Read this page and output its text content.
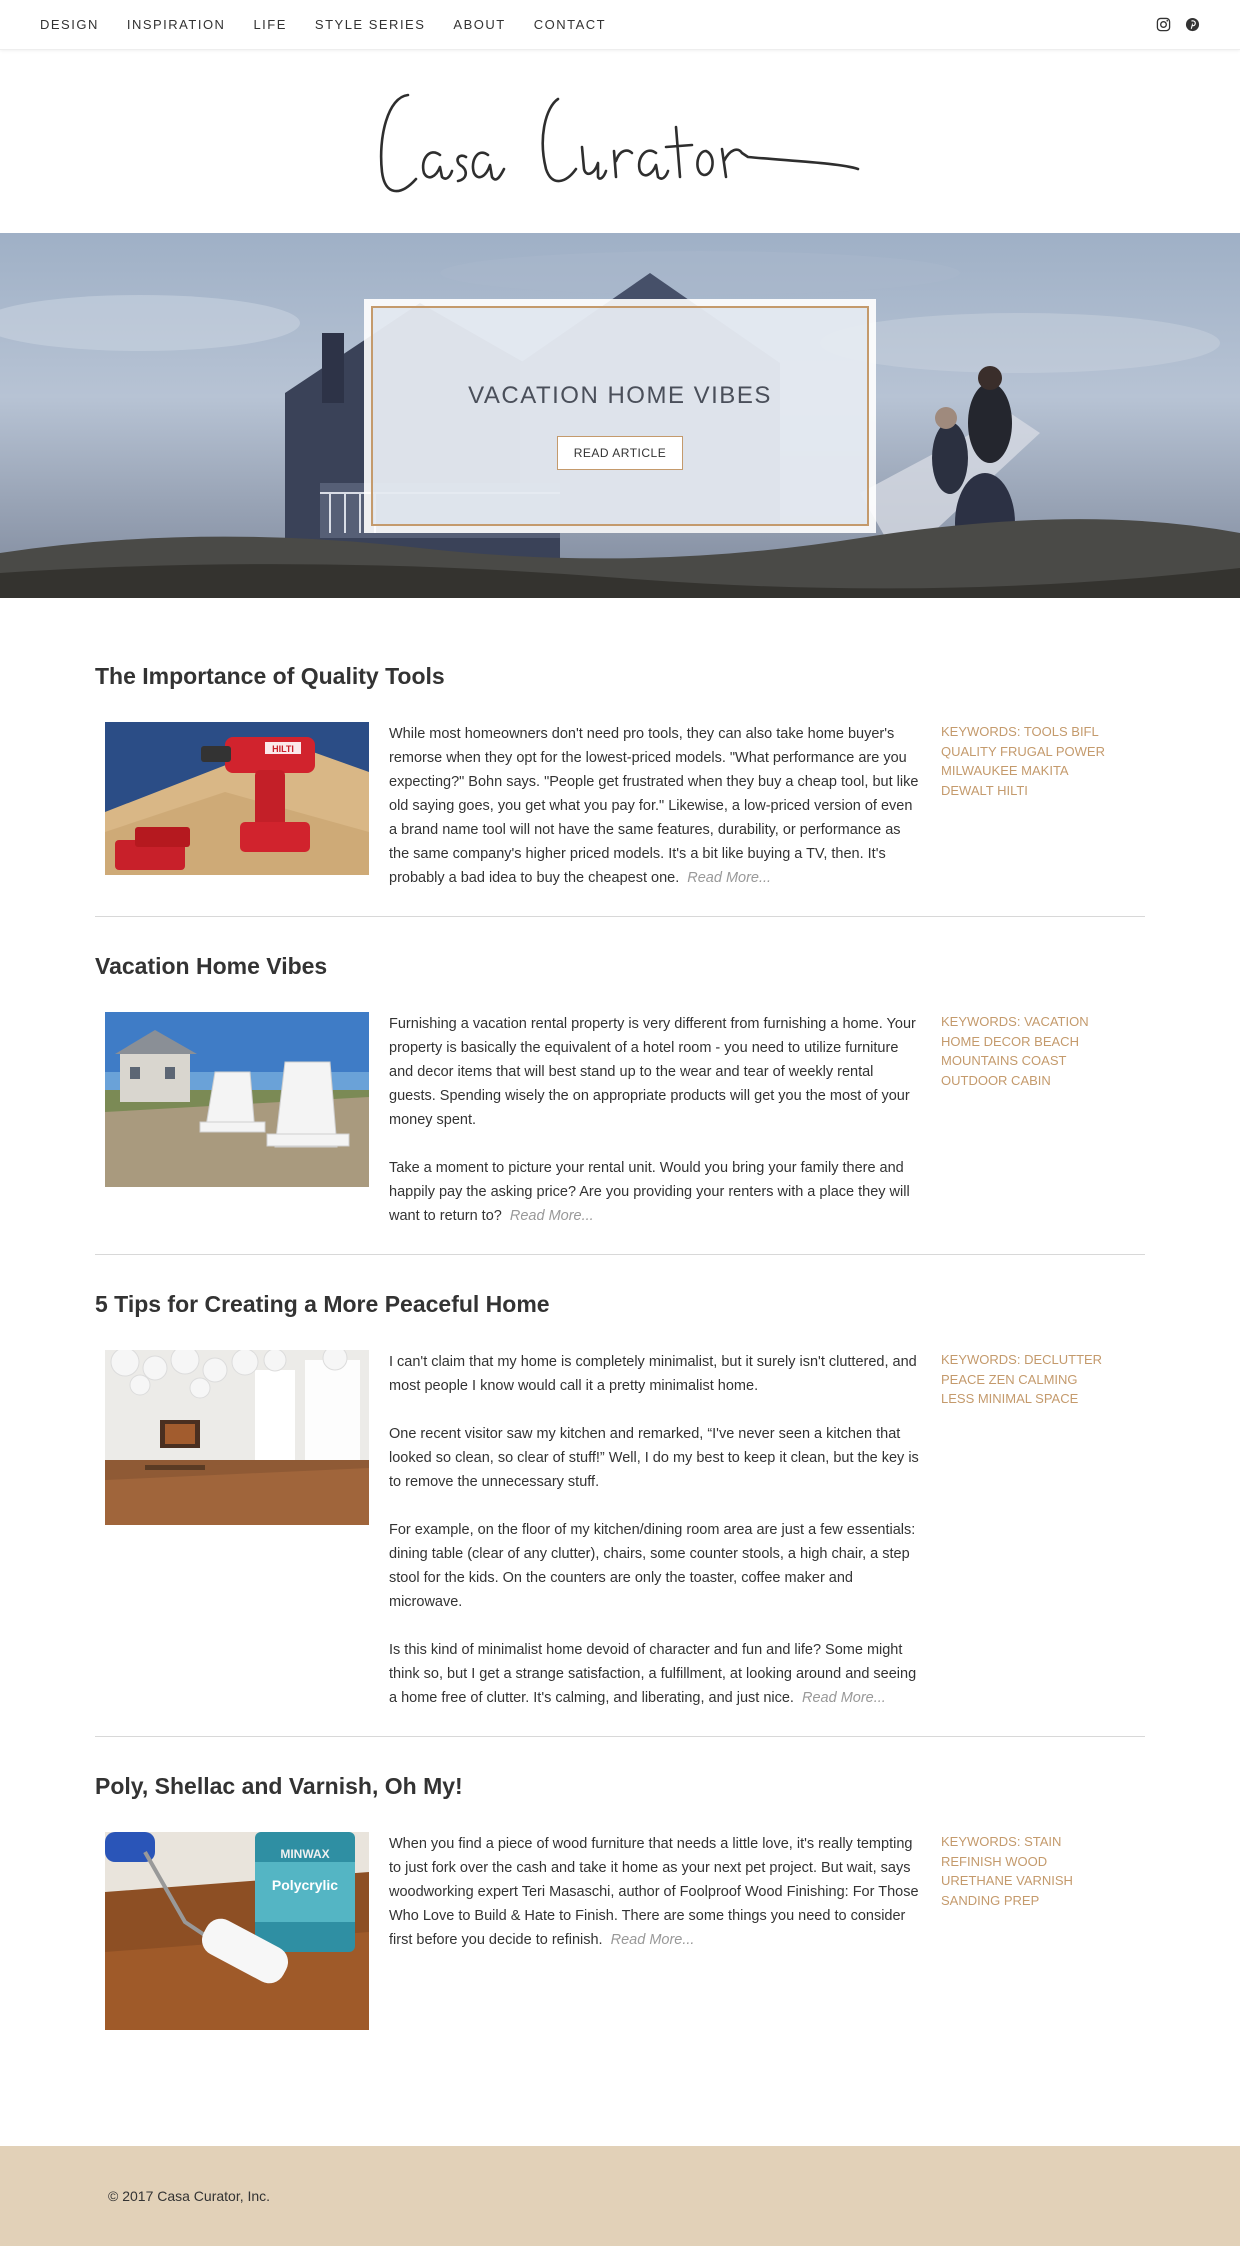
DESIGN INSPIRATION LIFE STYLE SERIES ABOUT CONTACT
VACATION HOME VIBES
READ ARTICLE
The Importance of Quality Tools
HILTI

While most homeowners don't need pro tools, they can also take home buyer's remorse when they opt for the lowest-priced models. "What performance are you expecting?" Bohn says. "People get frustrated when they buy a cheap tool, but like old saying goes, you get what you pay for." Likewise, a low-priced version of even a brand name tool will not have the same features, durability, or performance as the same company's higher priced models. It's a bit like buying a TV, then. It's probably a bad idea to buy the cheapest one. Read More...

KEYWORDS: TOOLS BIFL QUALITY FRUGAL POWER MILWAUKEE MAKITA DEWALT HILTI
Vacation Home Vibes

Furnishing a vacation rental property is very different from furnishing a home. Your property is basically the equivalent of a hotel room - you need to utilize furniture and decor items that will best stand up to the wear and tear of weekly rental guests. Spending wisely the on appropriate products will get you the most of your money spent.

Take a moment to picture your rental unit. Would you bring your family there and happily pay the asking price? Are you providing your renters with a place they will want to return to? Read More...

KEYWORDS: VACATION HOME DECOR BEACH MOUNTAINS COAST OUTDOOR CABIN
5 Tips for Creating a More Peaceful Home

I can't claim that my home is completely minimalist, but it surely isn't cluttered, and most people I know would call it a pretty minimalist home.

One recent visitor saw my kitchen and remarked, “I've never seen a kitchen that looked so clean, so clear of stuff!” Well, I do my best to keep it clean, but the key is to remove the unnecessary stuff.

For example, on the floor of my kitchen/dining room area are just a few essentials: dining table (clear of any clutter), chairs, some counter stools, a high chair, a step stool for the kids. On the counters are only the toaster, coffee maker and microwave.

Is this kind of minimalist home devoid of character and fun and life? Some might think so, but I get a strange satisfaction, a fulfillment, at looking around and seeing a home free of clutter. It's calming, and liberating, and just nice. Read More...

KEYWORDS: DECLUTTER PEACE ZEN CALMING LESS MINIMAL SPACE
Poly, Shellac and Varnish, Oh My!
MINWAX
Polycrylic

When you find a piece of wood furniture that needs a little love, it's really tempting to just fork over the cash and take it home as your next pet project. But wait, says woodworking expert Teri Masaschi, author of Foolproof Wood Finishing: For Those Who Love to Build & Hate to Finish. There are some things you need to consider first before you decide to refinish. Read More...

KEYWORDS: STAIN REFINISH WOOD URETHANE VARNISH SANDING PREP
© 2017 Casa Curator, Inc.
